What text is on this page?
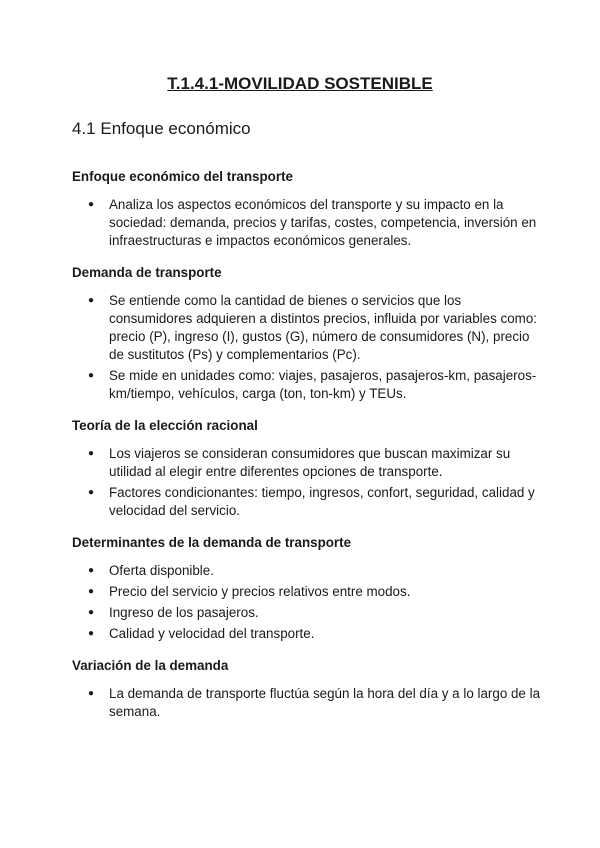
T.1.4.1-MOVILIDAD SOSTENIBLE
4.1 Enfoque económico
Enfoque económico del transporte
● Analiza los aspectos económicos del transporte y su impacto en la sociedad: demanda, precios y tarifas, costes, competencia, inversión en infraestructuras e impactos económicos generales.
Demanda de transporte
● Se entiende como la cantidad de bienes o servicios que los consumidores adquieren a distintos precios, influida por variables como: precio (P), ingreso (I), gustos (G), número de consumidores (N), precio de sustitutos (Ps) y complementarios (Pc).
● Se mide en unidades como: viajes, pasajeros, pasajeros-km, pasajeros-km/tiempo, vehículos, carga (ton, ton-km) y TEUs.
Teoría de la elección racional
● Los viajeros se consideran consumidores que buscan maximizar su utilidad al elegir entre diferentes opciones de transporte.
● Factores condicionantes: tiempo, ingresos, confort, seguridad, calidad y velocidad del servicio.
Determinantes de la demanda de transporte
● Oferta disponible.
● Precio del servicio y precios relativos entre modos.
● Ingreso de los pasajeros.
● Calidad y velocidad del transporte.
Variación de la demanda
● La demanda de transporte fluctúa según la hora del día y a lo largo de la semana.
